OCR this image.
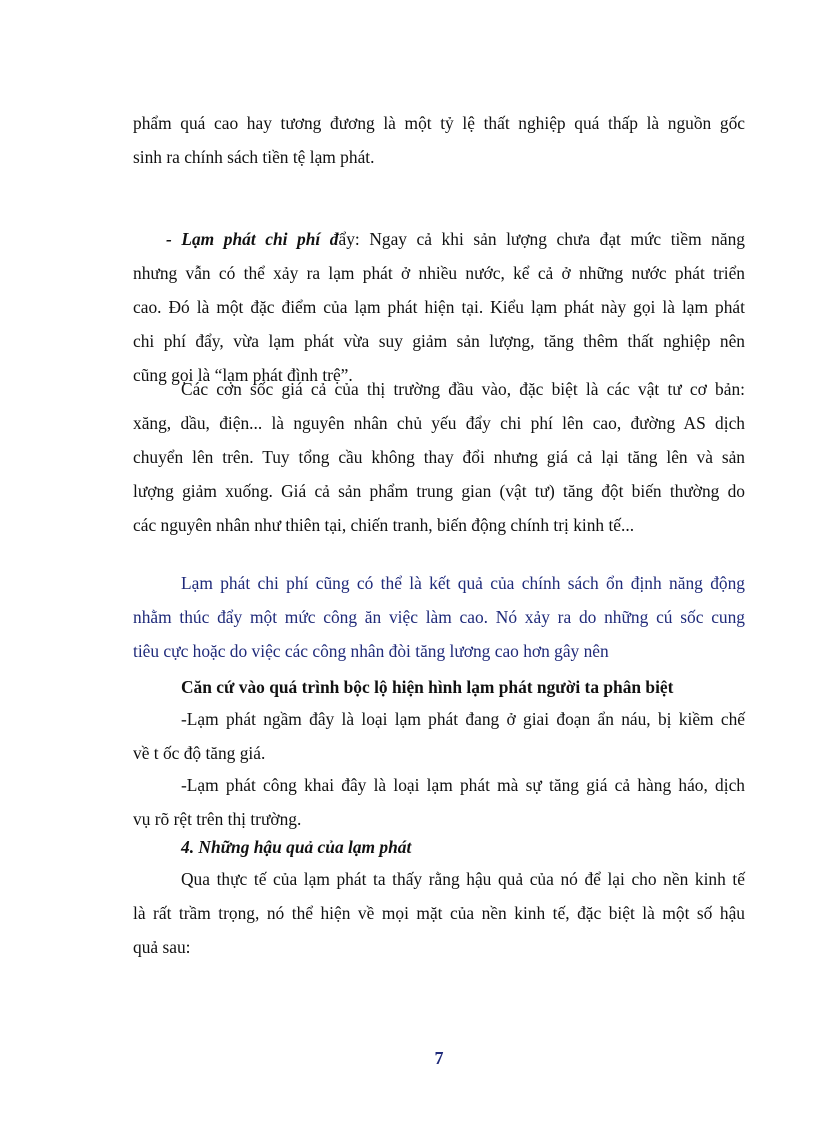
phẩm quá cao hay tương đương là một tỷ lệ thất nghiệp quá thấp là nguồn gốc
sinh ra chính sách tiền tệ lạm phát.
- Lạm phát chi phí đẩy: Ngay cả khi sản lượng chưa đạt mức tiềm năng
nhưng vẫn có thể xảy ra lạm phát ở nhiều nước, kể cả ở những nước phát triển
cao. Đó là một đặc điểm của lạm phát hiện tại. Kiểu lạm phát này gọi là lạm phát
chi phí đẩy, vừa lạm phát vừa suy giảm sản lượng, tăng thêm thất nghiệp nên
cũng gọi là “lạm phát đình trệ”.
Các cơn sốc giá cả của thị trường đầu vào, đặc biệt là các vật tư cơ bản:
xăng, dầu, điện... là nguyên nhân chủ yếu đẩy chi phí lên cao, đường AS dịch
chuyển lên trên. Tuy tổng cầu không thay đổi nhưng giá cả lại tăng lên và sản
lượng giảm xuống. Giá cả sản phẩm trung gian (vật tư) tăng đột biến thường do
các nguyên nhân như thiên tại, chiến tranh, biến động chính trị kinh tế...
Lạm phát chi phí cũng có thể là kết quả của chính sách ổn định năng động
nhằm thúc đẩy một mức công ăn việc làm cao. Nó xảy ra do những cú sốc cung
tiêu cực hoặc do việc các công nhân đòi tăng lương cao hơn gây nên
Căn cứ vào quá trình bộc lộ hiện hình lạm phát người ta phân biệt
-Lạm phát ngầm đây là loại lạm phát đang ở giai đoạn ẩn náu, bị kiềm chế
về t ốc độ tăng giá.
-Lạm phát công khai đây là loại lạm phát mà sự tăng giá cả hàng háo, dịch
vụ rõ rệt trên thị trường.
4. Những hậu quả của lạm phát
Qua thực tế của lạm phát ta thấy rằng hậu quả của nó để lại cho nền kinh tế
là rất trầm trọng, nó thể hiện về mọi mặt của nền kinh tế, đặc biệt là một số hậu
quả sau:
7
